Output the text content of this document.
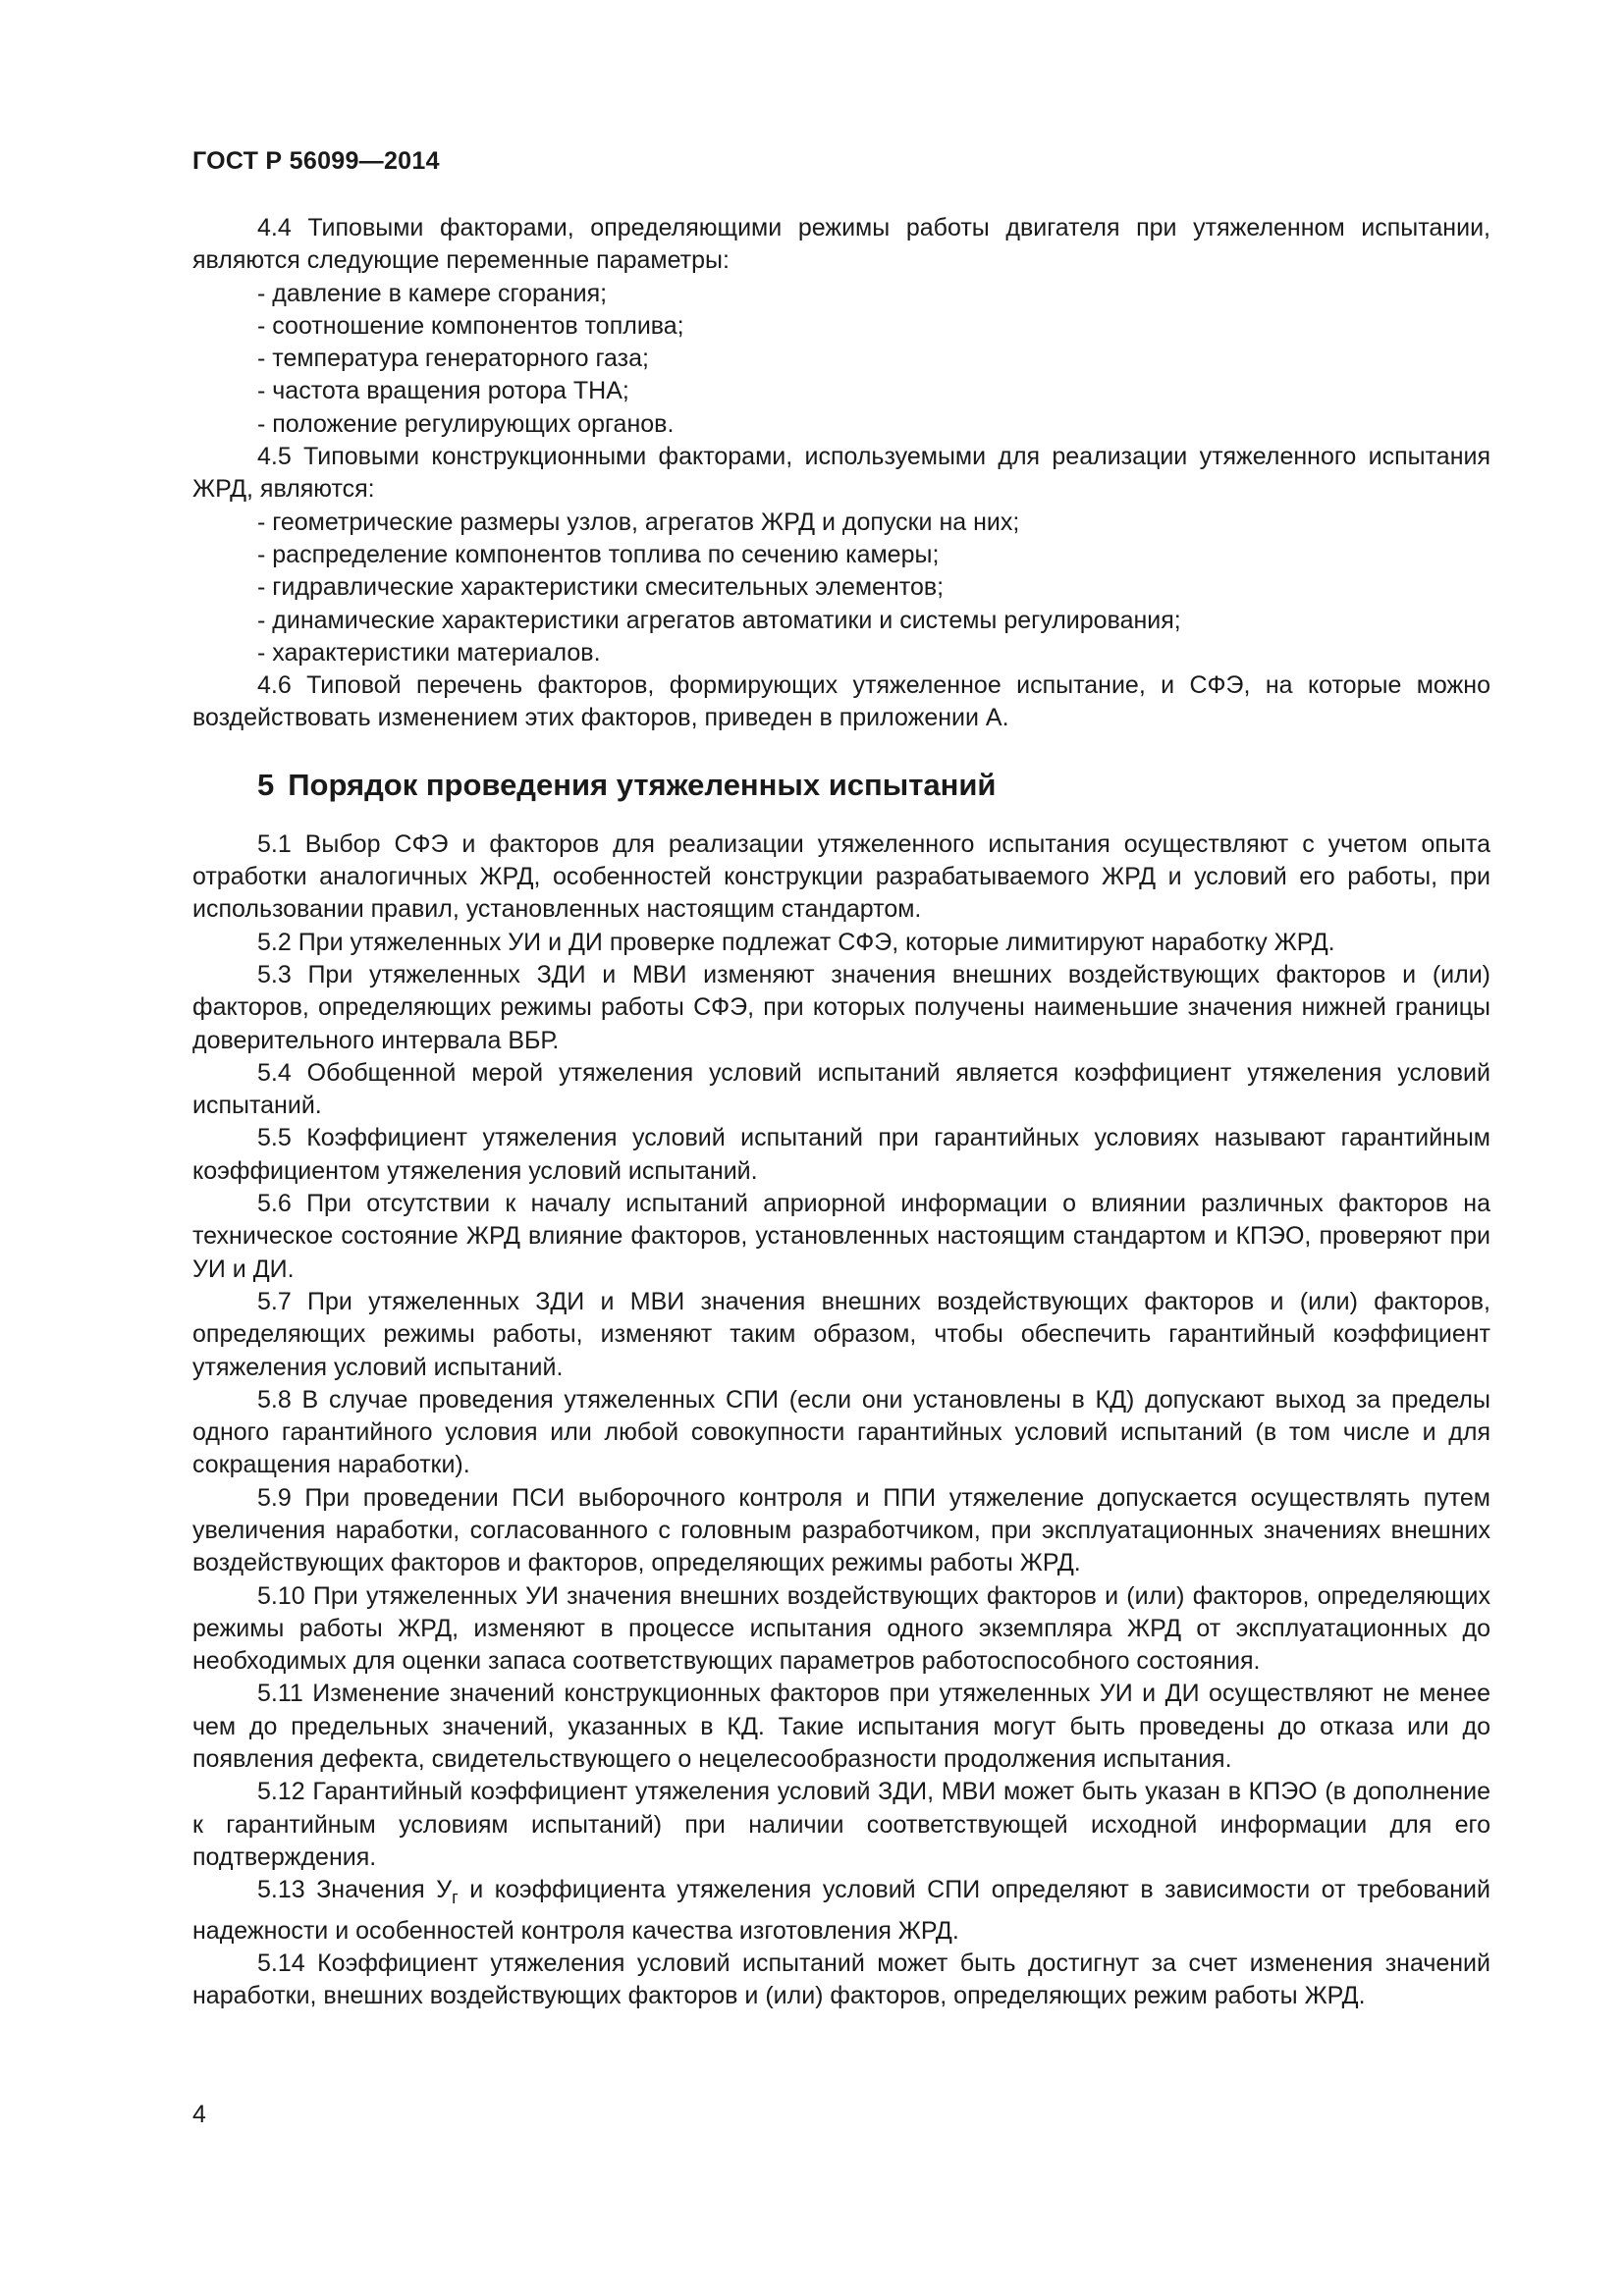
ГОСТ Р 56099—2014

4.4 Типовыми факторами, определяющими режимы работы двигателя при утяжеленном испытании, являются следующие переменные параметры:

- давление в камере сгорания;

- соотношение компонентов топлива;

- температура генераторного газа;

- частота вращения ротора ТНА;

- положение регулирующих органов.

4.5 Типовыми конструкционными факторами, используемыми для реализации утяжеленного испытания ЖРД, являются:

- геометрические размеры узлов, агрегатов ЖРД и допуски на них;

- распределение компонентов топлива по сечению камеры;

- гидравлические характеристики смесительных элементов;

- динамические характеристики агрегатов автоматики и системы регулирования;

- характеристики материалов.

4.6 Типовой перечень факторов, формирующих утяжеленное испытание, и СФЭ, на которые можно воздействовать изменением этих факторов, приведен в приложении А.

5 Порядок проведения утяжеленных испытаний

5.1 Выбор СФЭ и факторов для реализации утяжеленного испытания осуществляют с учетом опыта отработки аналогичных ЖРД, особенностей конструкции разрабатываемого ЖРД и условий его работы, при использовании правил, установленных настоящим стандартом.

5.2 При утяжеленных УИ и ДИ проверке подлежат СФЭ, которые лимитируют наработку ЖРД.

5.3 При утяжеленных ЗДИ и МВИ изменяют значения внешних воздействующих факторов и (или) факторов, определяющих режимы работы СФЭ, при которых получены наименьшие значения нижней границы доверительного интервала ВБР.

5.4 Обобщенной мерой утяжеления условий испытаний является коэффициент утяжеления условий испытаний.

5.5 Коэффициент утяжеления условий испытаний при гарантийных условиях называют гарантийным коэффициентом утяжеления условий испытаний.

5.6 При отсутствии к началу испытаний априорной информации о влиянии различных факторов на техническое состояние ЖРД влияние факторов, установленных настоящим стандартом и КПЭО, проверяют при УИ и ДИ.

5.7 При утяжеленных ЗДИ и МВИ значения внешних воздействующих факторов и (или) факторов, определяющих режимы работы, изменяют таким образом, чтобы обеспечить гарантийный коэффициент утяжеления условий испытаний.

5.8 В случае проведения утяжеленных СПИ (если они установлены в КД) допускают выход за пределы одного гарантийного условия или любой совокупности гарантийных условий испытаний (в том числе и для сокращения наработки).

5.9 При проведении ПСИ выборочного контроля и ППИ утяжеление допускается осуществлять путем увеличения наработки, согласованного с головным разработчиком, при эксплуатационных значениях внешних воздействующих факторов и факторов, определяющих режимы работы ЖРД.

5.10 При утяжеленных УИ значения внешних воздействующих факторов и (или) факторов, определяющих режимы работы ЖРД, изменяют в процессе испытания одного экземпляра ЖРД от эксплуатационных до необходимых для оценки запаса соответствующих параметров работоспособного состояния.

5.11 Изменение значений конструкционных факторов при утяжеленных УИ и ДИ осуществляют не менее чем до предельных значений, указанных в КД. Такие испытания могут быть проведены до отказа или до появления дефекта, свидетельствующего о нецелесообразности продолжения испытания.

5.12 Гарантийный коэффициент утяжеления условий ЗДИ, МВИ может быть указан в КПЭО (в дополнение к гарантийным условиям испытаний) при наличии соответствующей исходной информации для его подтверждения.

5.13 Значения $У_г$ и коэффициента утяжеления условий СПИ определяют в зависимости от требований надежности и особенностей контроля качества изготовления ЖРД.

5.14 Коэффициент утяжеления условий испытаний может быть достигнут за счет изменения значений наработки, внешних воздействующих факторов и (или) факторов, определяющих режим работы ЖРД.

4
